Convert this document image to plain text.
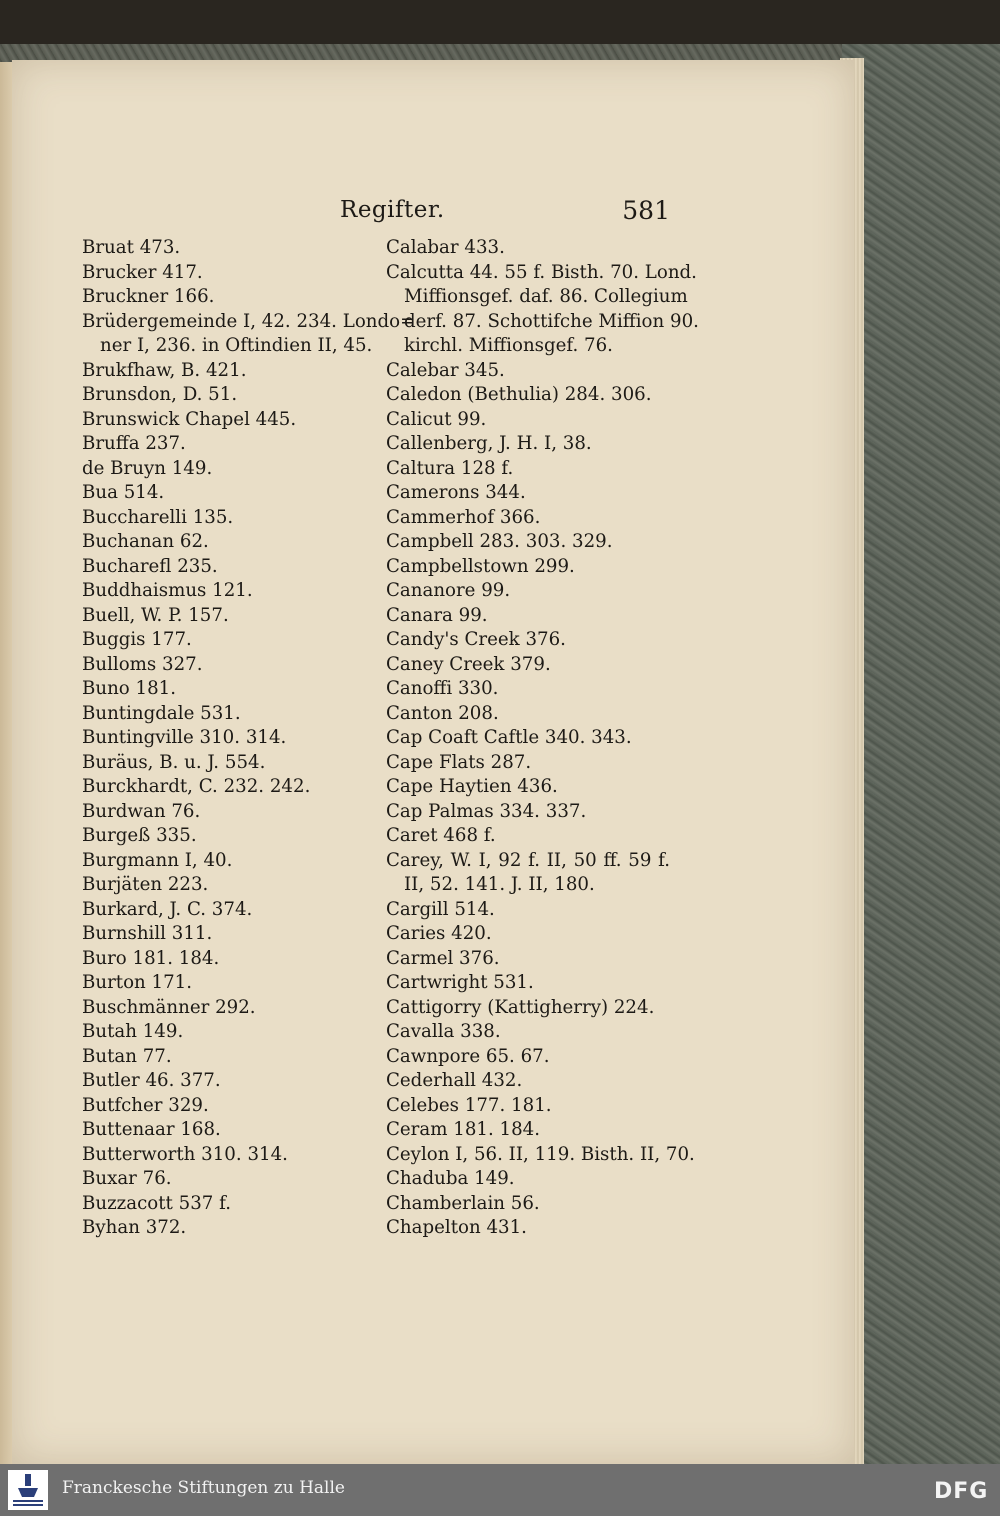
Regifter.	581
Bruat 473.
Brucker 417.
Bruckner 166.
Brüdergemeinde I, 42. 234. Londo=
ner I, 236. in Oftindien II, 45.
Brukfhaw, B. 421.
Brunsdon, D. 51.
Brunswick Chapel 445.
Bruffa 237.
de Bruyn 149.
Bua 514.
Buccharelli 135.
Buchanan 62.
Bucharefl 235.
Buddhaismus 121.
Buell, W. P. 157.
Buggis 177.
Bulloms 327.
Buno 181.
Buntingdale 531.
Buntingville 310. 314.
Buräus, B. u. J. 554.
Burckhardt, C. 232. 242.
Burdwan 76.
Burgeß 335.
Burgmann I, 40.
Burjäten 223.
Burkard, J. C. 374.
Burnshill 311.
Buro 181. 184.
Burton 171.
Buschmänner 292.
Butah 149.
Butan 77.
Butler 46. 377.
Butfcher 329.
Buttenaar 168.
Butterworth 310. 314.
Buxar 76.
Buzzacott 537 f.
Byhan 372.
Calabar 433.
Calcutta 44. 55 f. Bisth. 70. Lond.
Miffionsgef. daf. 86. Collegium
derf. 87. Schottifche Miffion 90.
kirchl. Miffionsgef. 76.
Calebar 345.
Caledon (Bethulia) 284. 306.
Calicut 99.
Callenberg, J. H. I, 38.
Caltura 128 f.
Camerons 344.
Cammerhof 366.
Campbell 283. 303. 329.
Campbellstown 299.
Cananore 99.
Canara 99.
Candy's Creek 376.
Caney Creek 379.
Canoffi 330.
Canton 208.
Cap Coaft Caftle 340. 343.
Cape Flats 287.
Cape Haytien 436.
Cap Palmas 334. 337.
Caret 468 f.
Carey, W. I, 92 f. II, 50 ff. 59 f.
II, 52. 141. J. II, 180.
Cargill 514.
Caries 420.
Carmel 376.
Cartwright 531.
Cattigorry (Kattigherry) 224.
Cavalla 338.
Cawnpore 65. 67.
Cederhall 432.
Celebes 177. 181.
Ceram 181. 184.
Ceylon I, 56. II, 119. Bisth. II, 70.
Chaduba 149.
Chamberlain 56.
Chapelton 431.
Franckesche Stiftungen zu Halle	DFG
